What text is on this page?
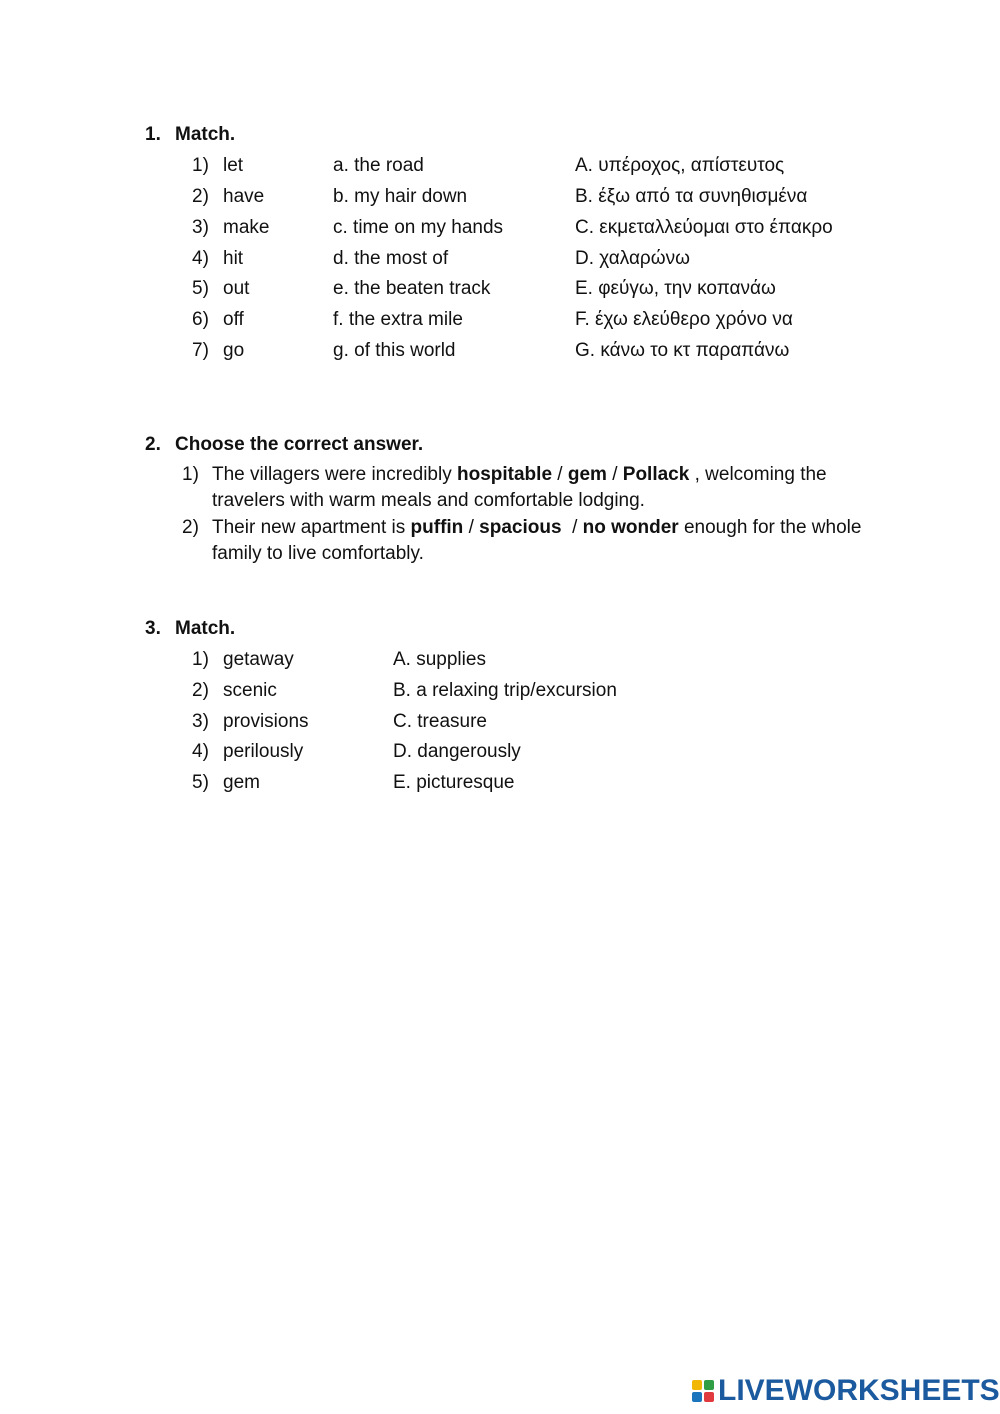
1. Match.
1) let	a. the road	A. υπέροχος, απίστευτος
2) have	b. my hair down	B. έξω από τα συνηθισμένα
3) make	c. time on my hands	C. εκμεταλλεύομαι στο έπακρο
4) hit	d. the most of	D. χαλαρώνω
5) out	e. the beaten track	E. φεύγω, την κοπανάω
6) off	f. the extra mile	F. έχω ελεύθερο χρόνο να
7) go	g. of this world	G. κάνω το κτ παραπάνω
2. Choose the correct answer.
1) The villagers were incredibly hospitable / gem / Pollack , welcoming the travelers with warm meals and comfortable lodging.
2) Their new apartment is puffin / spacious  / no wonder enough for the whole family to live comfortably.
3. Match.
1) getaway	A. supplies
2) scenic	B. a relaxing trip/excursion
3) provisions	C. treasure
4) perilously	D. dangerously
5) gem	E. picturesque
LIVEWORKSHEETS
